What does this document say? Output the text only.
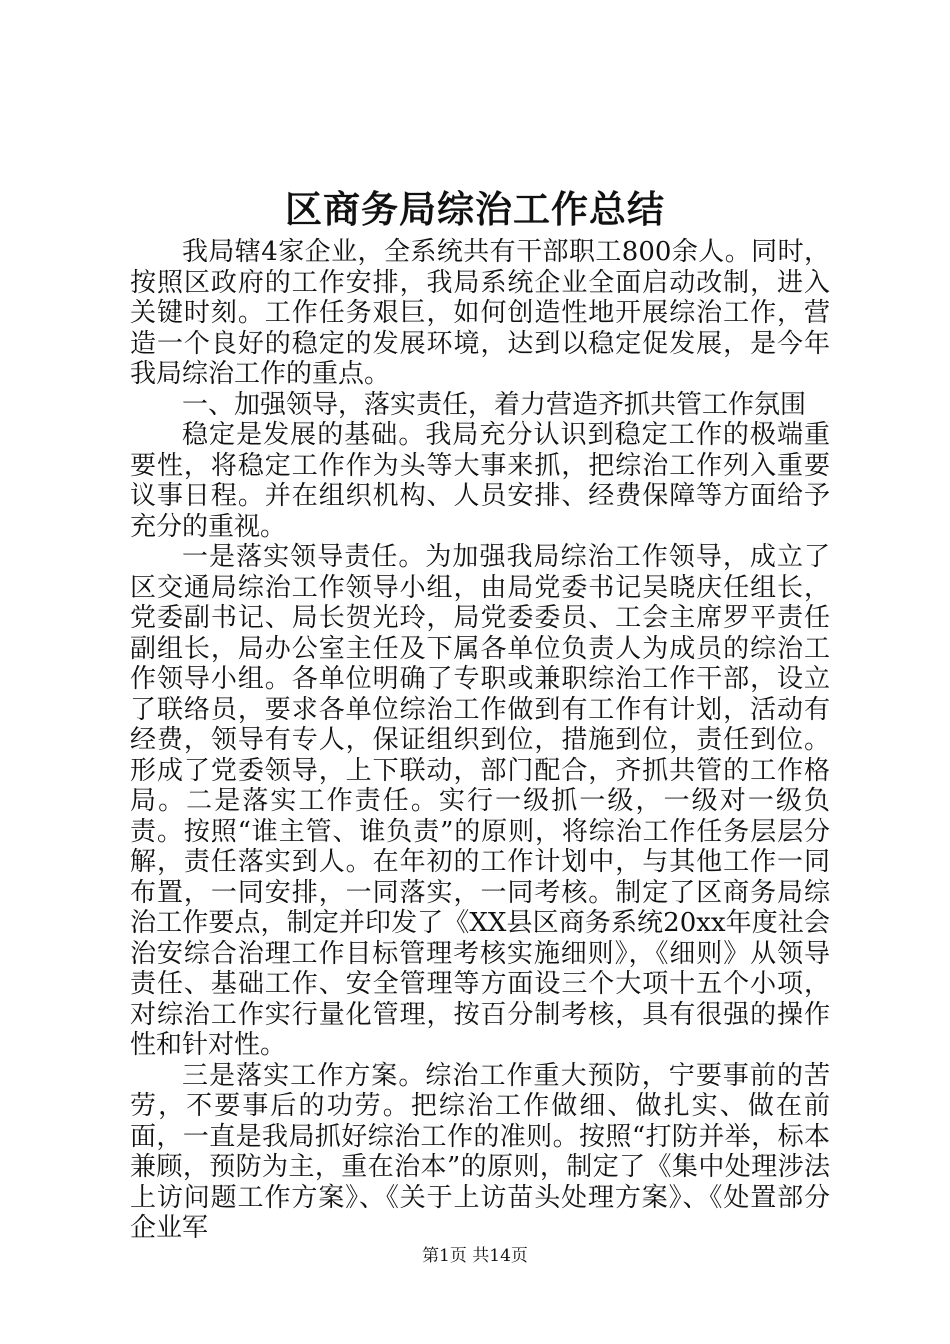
区商务局综治工作总结

我局辖4家企业，全系统共有干部职工800余人。同时，按照区政府的工作安排，我局系统企业全面启动改制，进入关键时刻。工作任务艰巨，如何创造性地开展综治工作，营造一个良好的稳定的发展环境，达到以稳定促发展，是今年我局综治工作的重点。

一、加强领导，落实责任，着力营造齐抓共管工作氛围

稳定是发展的基础。我局充分认识到稳定工作的极端重要性，将稳定工作作为头等大事来抓，把综治工作列入重要议事日程。并在组织机构、人员安排、经费保障等方面给予充分的重视。

一是落实领导责任。为加强我局综治工作领导，成立了区交通局综治工作领导小组，由局党委书记吴晓庆任组长，党委副书记、局长贺光玲，局党委委员、工会主席罗平责任副组长，局办公室主任及下属各单位负责人为成员的综治工作领导小组。各单位明确了专职或兼职综治工作干部，设立了联络员，要求各单位综治工作做到有工作有计划，活动有经费，领导有专人，保证组织到位，措施到位，责任到位。形成了党委领导，上下联动，部门配合，齐抓共管的工作格局。二是落实工作责任。实行一级抓一级，一级对一级负责。按照“谁主管、谁负责”的原则，将综治工作任务层层分解，责任落实到人。在年初的工作计划中，与其他工作一同布置，一同安排，一同落实，一同考核。制定了区商务局综治工作要点，制定并印发了《XX县区商务系统20xx年度社会治安综合治理工作目标管理考核实施细则》，《细则》从领导责任、基础工作、安全管理等方面设三个大项十五个小项，对综治工作实行量化管理，按百分制考核，具有很强的操作性和针对性。

三是落实工作方案。综治工作重大预防，宁要事前的苦劳，不要事后的功劳。把综治工作做细、做扎实、做在前面，一直是我局抓好综治工作的准则。按照“打防并举，标本兼顾，预防为主，重在治本”的原则，制定了《集中处理涉法上访问题工作方案》、《关于上访苗头处理方案》、《处置部分企业军

第1页 共14页
